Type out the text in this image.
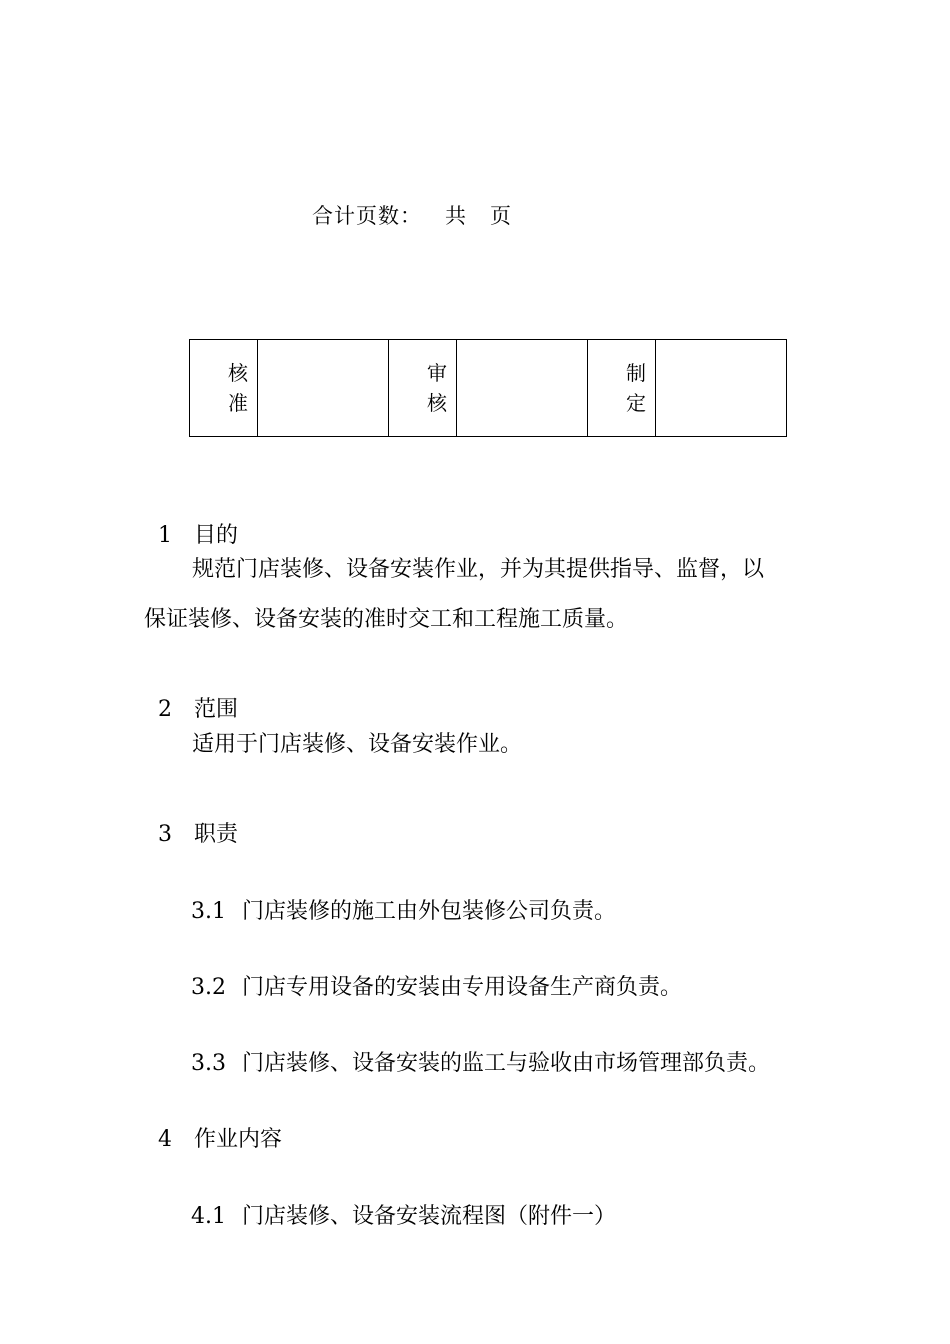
合计页数：   共   页
核准		审核		制定	

1 目的

规范门店装修、设备安装作业，并为其提供指导、监督，以
保证装修、设备安装的准时交工和工程施工质量。

2 范围

适用于门店装修、设备安装作业。

3 职责

3.1 门店装修的施工由外包装修公司负责。

3.2 门店专用设备的安装由专用设备生产商负责。

3.3 门店装修、设备安装的监工与验收由市场管理部负责。

4 作业内容

4.1 门店装修、设备安装流程图（附件一）
